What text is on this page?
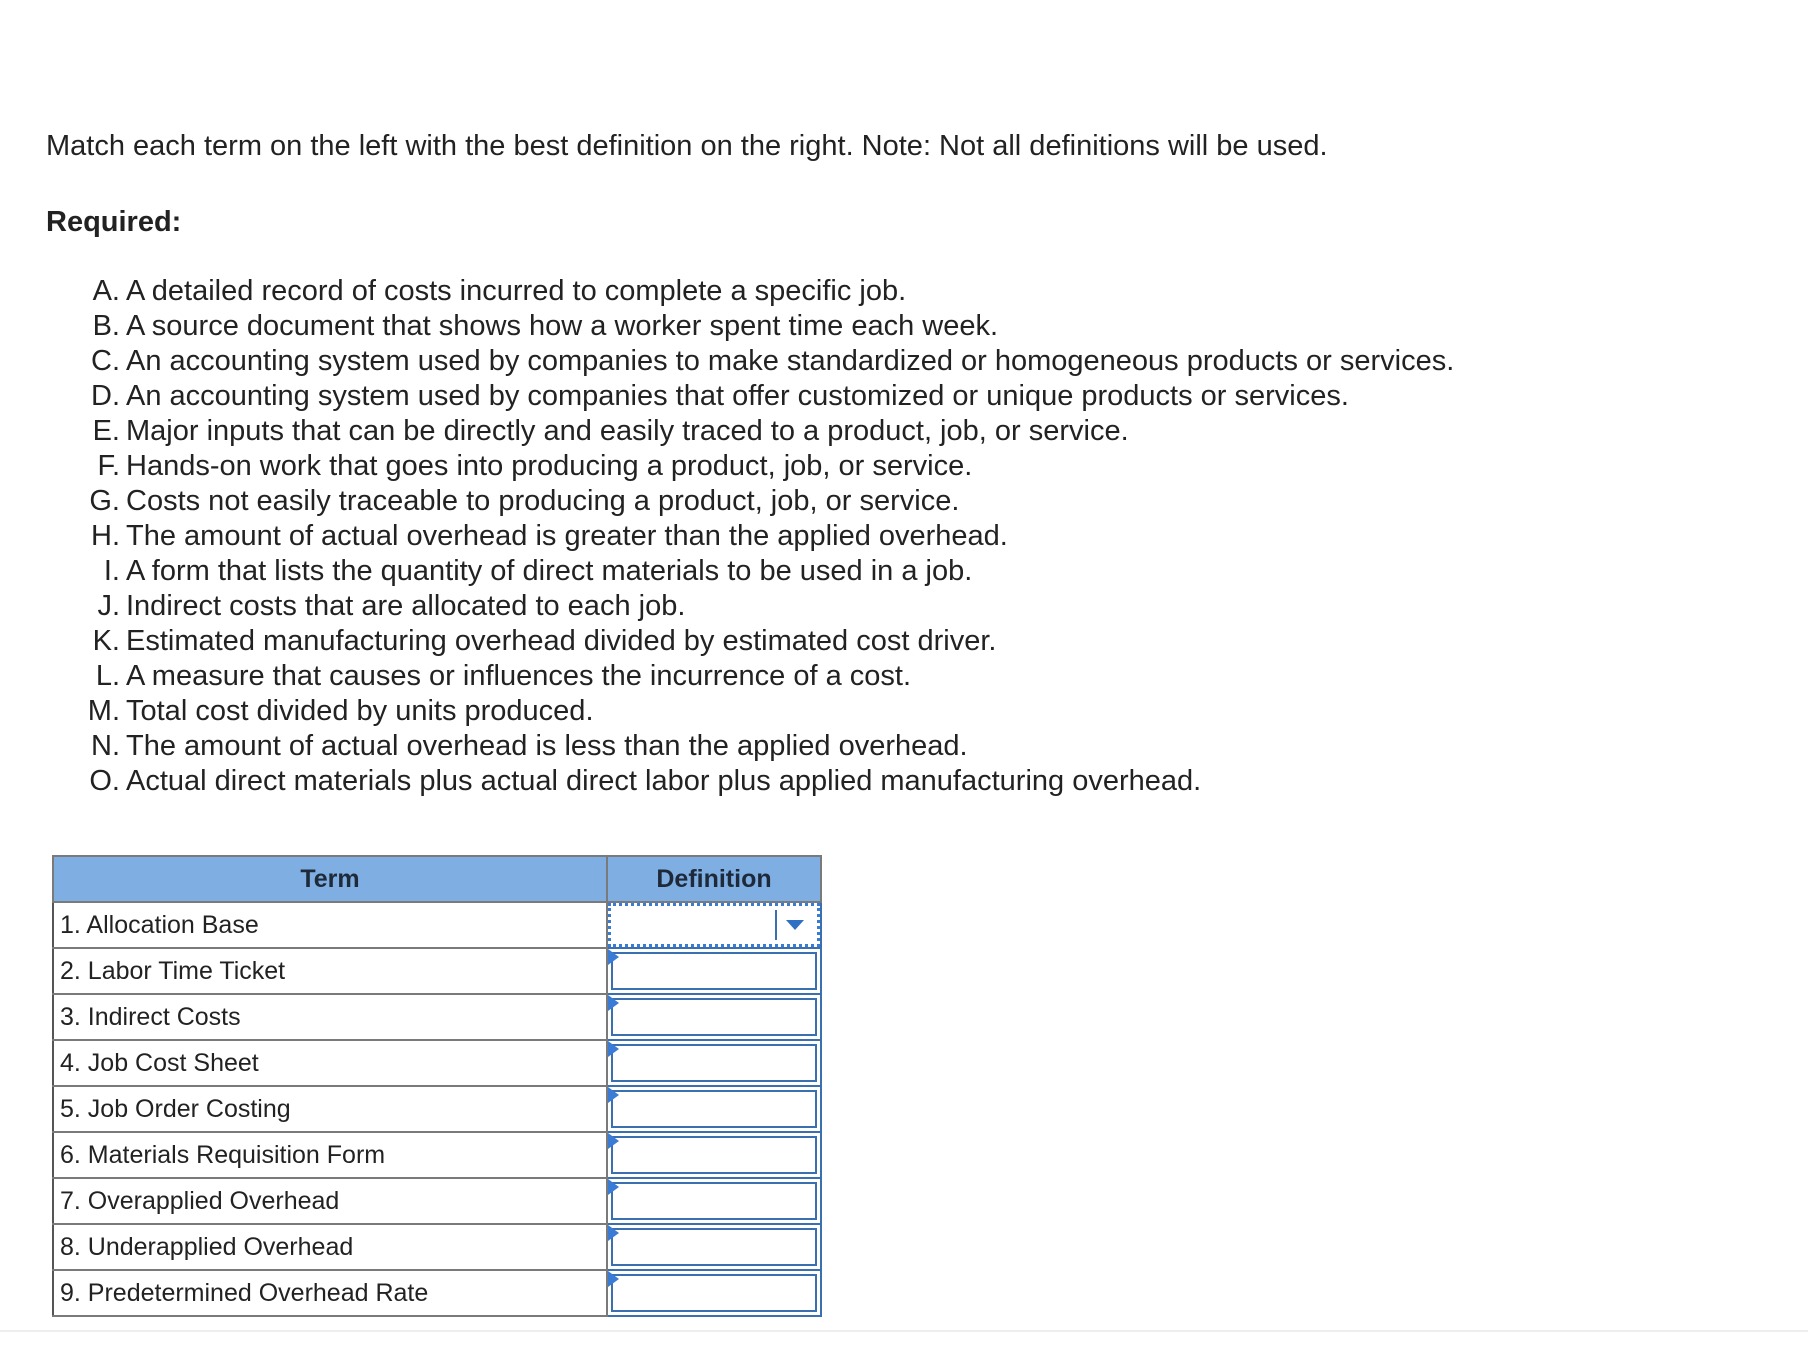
Match each term on the left with the best definition on the right. Note: Not all definitions will be used.
Required:
A. A detailed record of costs incurred to complete a specific job.
B. A source document that shows how a worker spent time each week.
C. An accounting system used by companies to make standardized or homogeneous products or services.
D. An accounting system used by companies that offer customized or unique products or services.
E. Major inputs that can be directly and easily traced to a product, job, or service.
F. Hands-on work that goes into producing a product, job, or service.
G. Costs not easily traceable to producing a product, job, or service.
H. The amount of actual overhead is greater than the applied overhead.
I. A form that lists the quantity of direct materials to be used in a job.
J. Indirect costs that are allocated to each job.
K. Estimated manufacturing overhead divided by estimated cost driver.
L. A measure that causes or influences the incurrence of a cost.
M. Total cost divided by units produced.
N. The amount of actual overhead is less than the applied overhead.
O. Actual direct materials plus actual direct labor plus applied manufacturing overhead.
Term	Definition
1. Allocation Base	

2. Labor Time Ticket	

3. Indirect Costs	

4. Job Cost Sheet	

5. Job Order Costing	

6. Materials Requisition Form	

7. Overapplied Overhead	

8. Underapplied Overhead	

9. Predetermined Overhead Rate	
